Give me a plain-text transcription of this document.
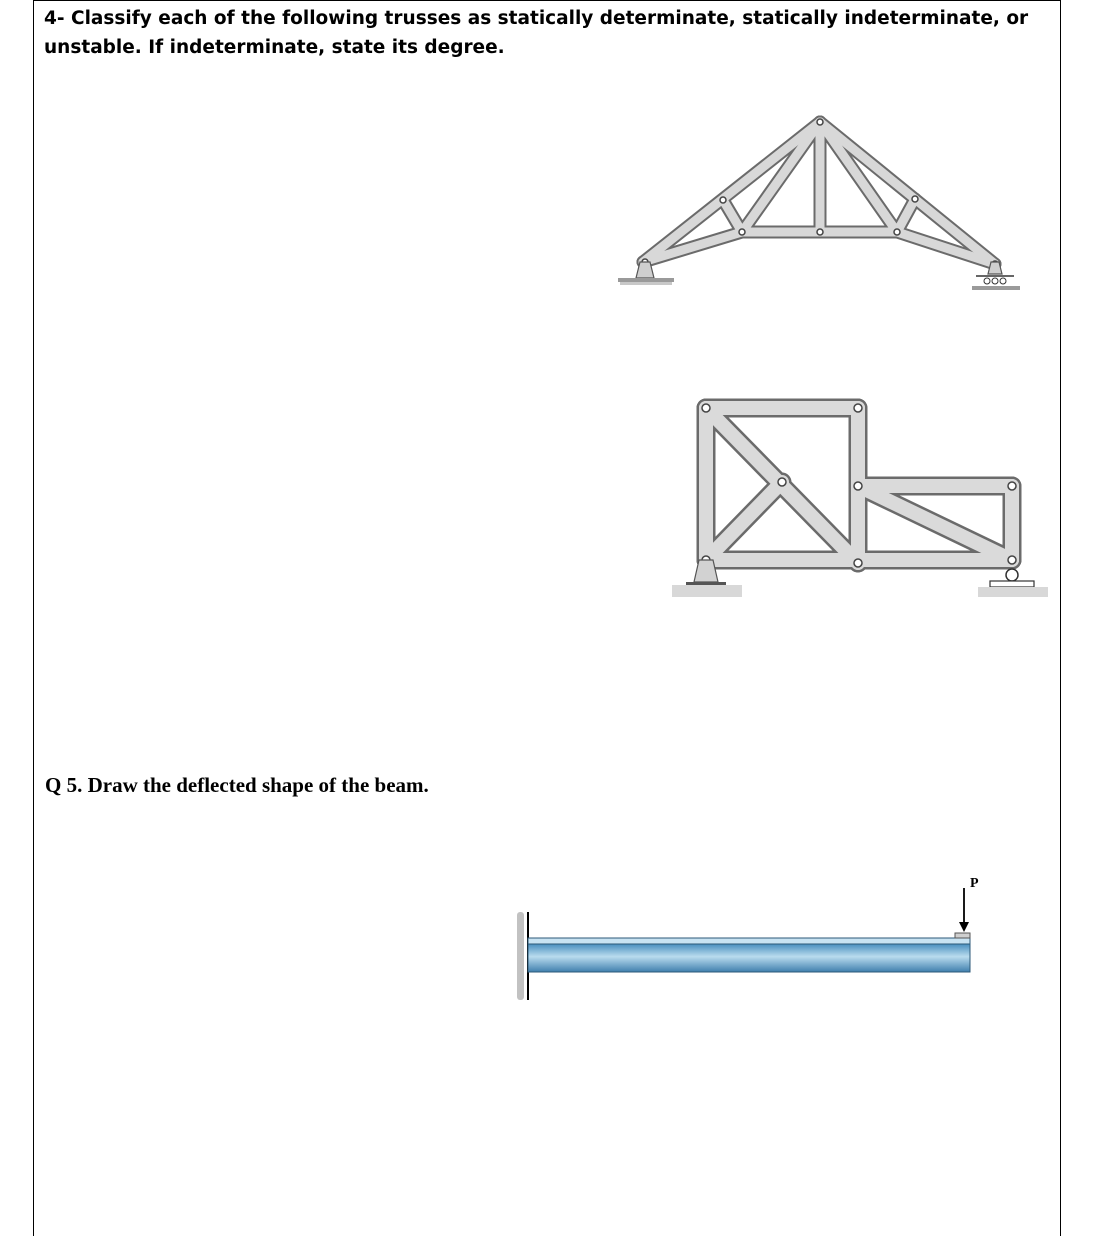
4- Classify each of the following trusses as statically determinate, statically indeterminate, or unstable. If indeterminate, state its degree.
Q 5. Draw the deflected shape of the beam.
P
